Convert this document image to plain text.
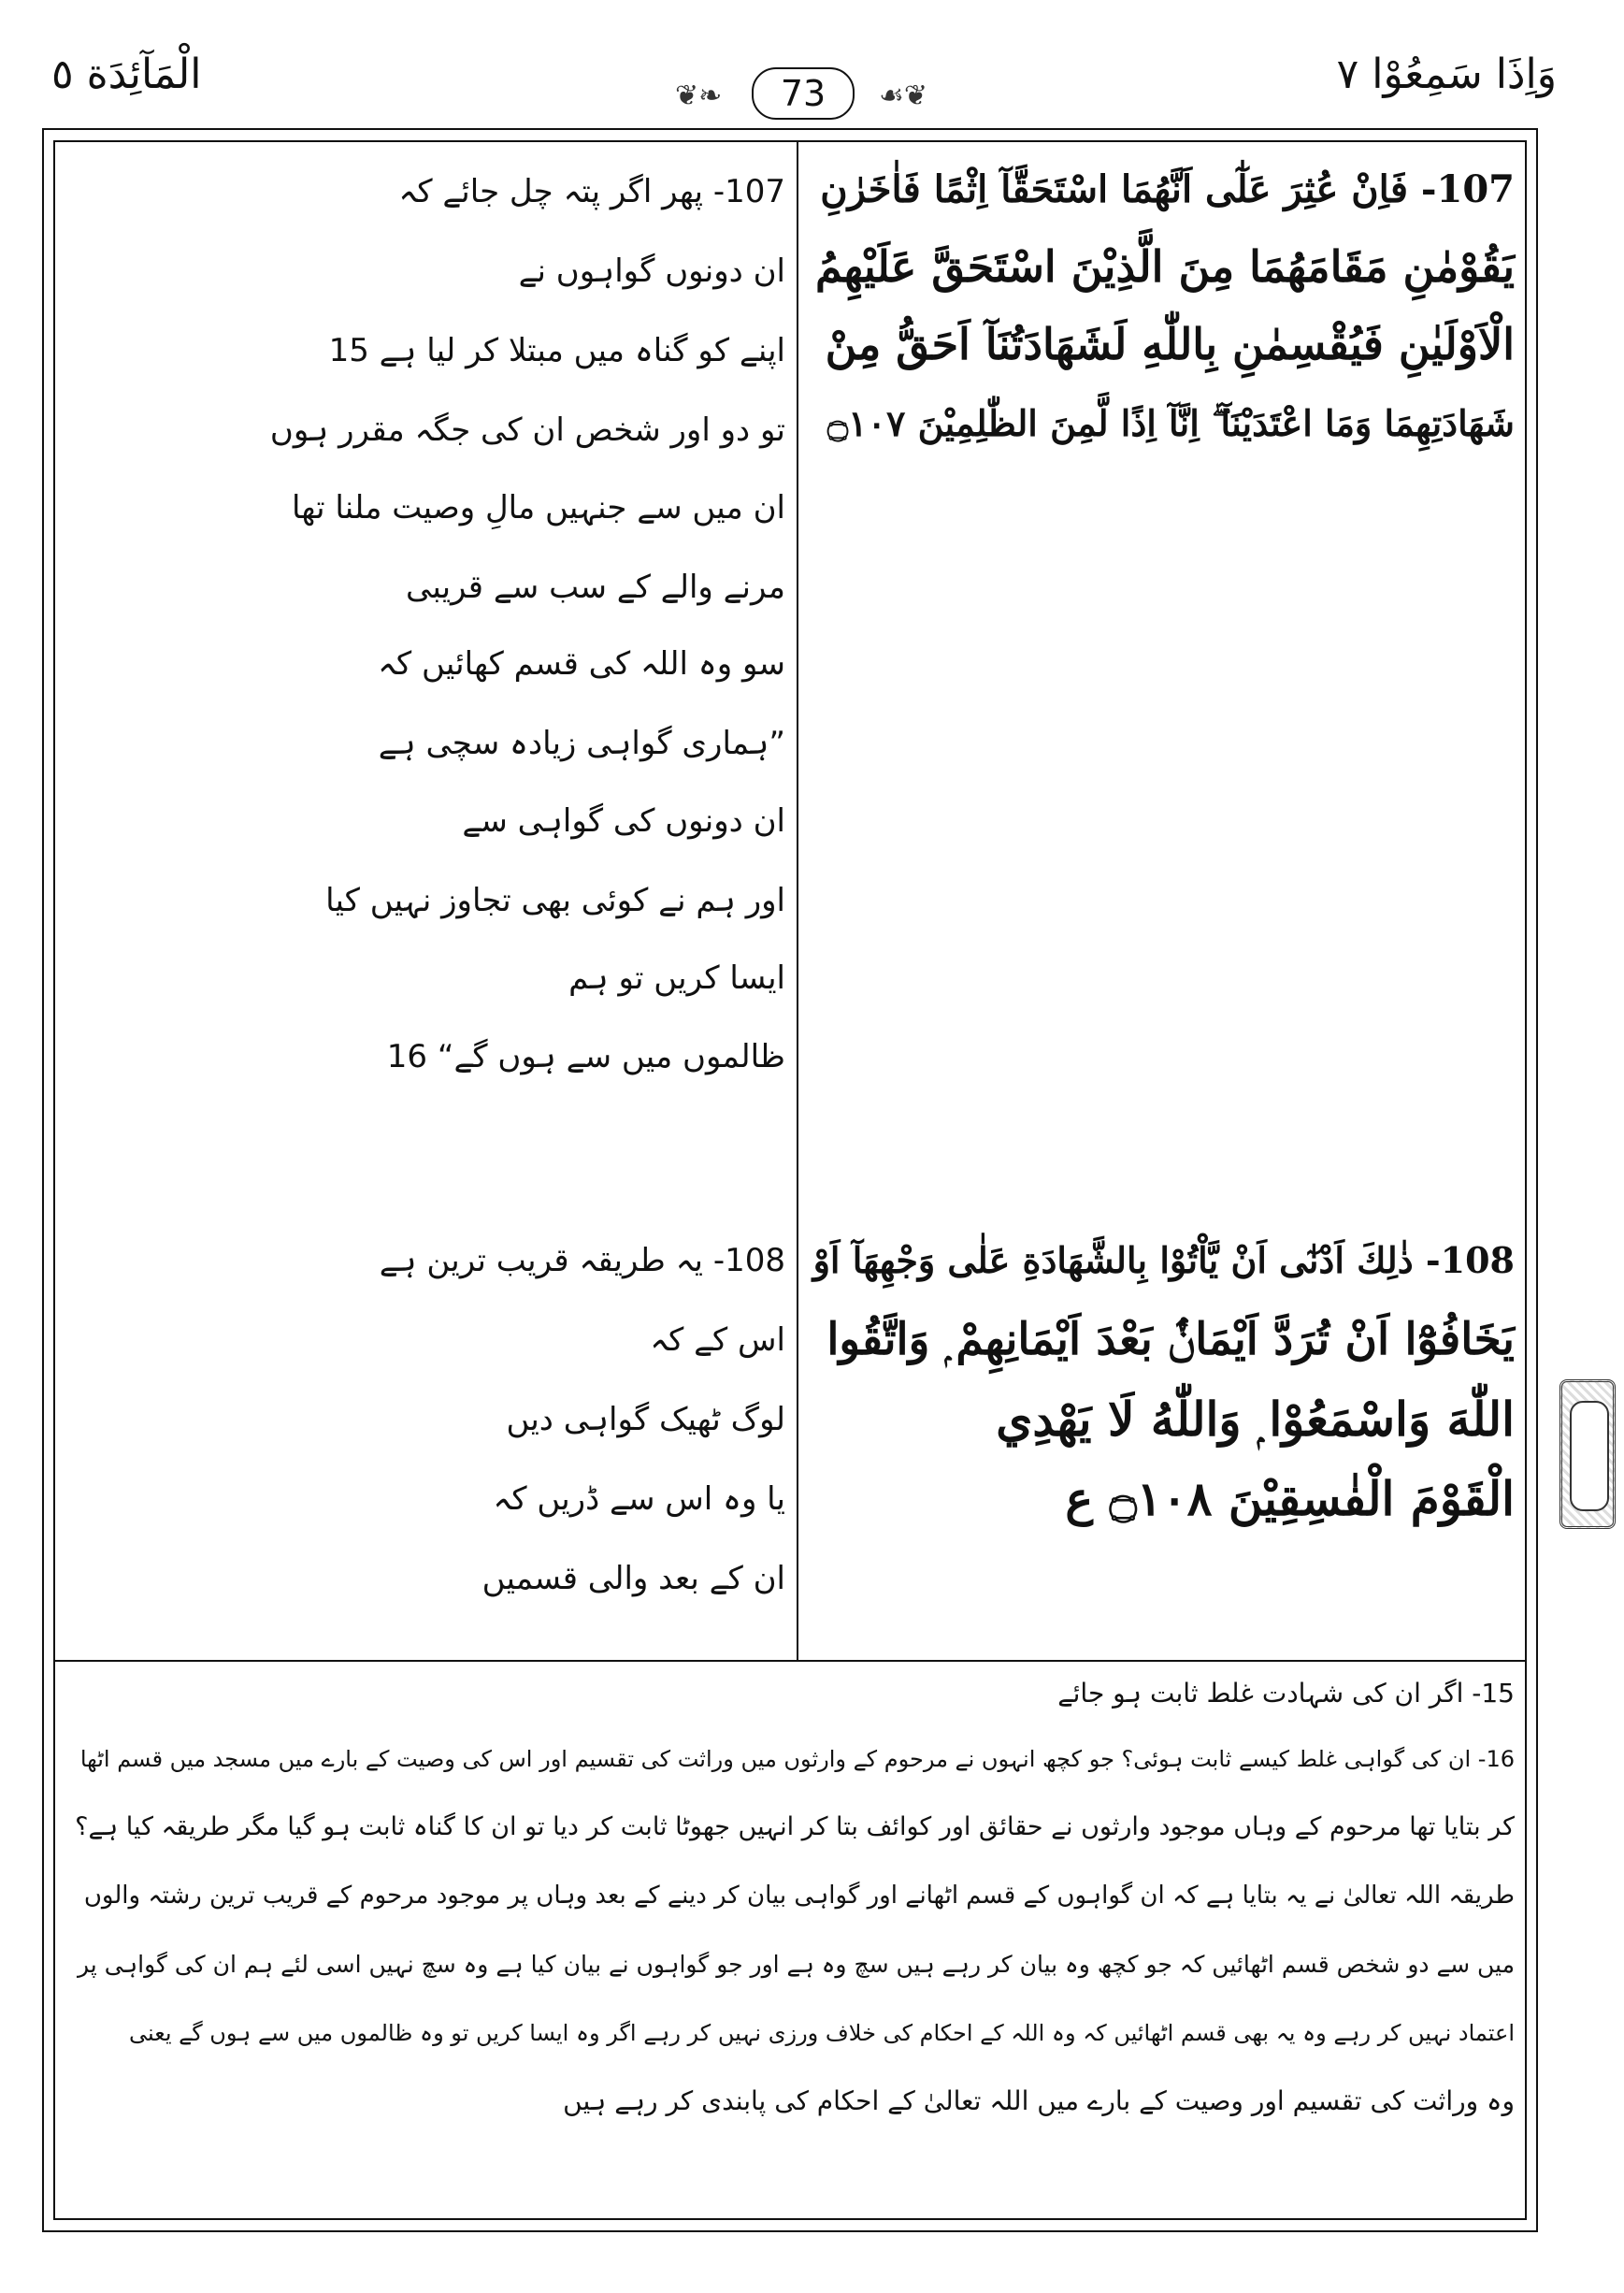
وَاِذَا سَمِعُوْا ٧
الْمَآئِدَة ٥	❦❧	73	☙❦
107- فَاِنْ عُثِرَ عَلٰٓى اَنَّهُمَا اسْتَحَقَّآ اِثْمًا فَاٰخَرٰنِ
يَقُوْمٰنِ مَقَامَهُمَا مِنَ الَّذِيْنَ اسْتَحَقَّ عَلَيْهِمُ
الْاَوْلَيٰنِ فَيُقْسِمٰنِ بِاللّٰهِ لَشَهَادَتُنَآ اَحَقُّ مِنْ
شَهَادَتِهِمَا وَمَا اعْتَدَيْنَآ ۖ اِنَّآ اِذًا لَّمِنَ الظّٰلِمِيْنَ ۝١٠٧
108- ذٰلِكَ اَدْنٰٓى اَنْ يَّاْتُوْا بِالشَّهَادَةِ عَلٰى وَجْهِهَآ اَوْ
يَخَافُوْٓا اَنْ تُرَدَّ اَيْمَانٌۢ بَعْدَ اَيْمَانِهِمْ ۭ وَاتَّقُوا
اللّٰهَ وَاسْمَعُوْا ۭ وَاللّٰهُ لَا يَهْدِي
الْقَوْمَ الْفٰسِقِيْنَ ۝١٠٨ ع
107- پھر اگر پتہ چل جائے کہ
ان دونوں گواہوں نے
اپنے کو گناہ میں مبتلا کر لیا ہے 15
تو دو اور شخص ان کی جگہ مقرر ہوں
ان میں سے جنہیں مالِ وصیت ملنا تھا
مرنے والے کے سب سے قریبی
سو وہ اللہ کی قسم کھائیں کہ
”ہماری گواہی زیادہ سچی ہے
ان دونوں کی گواہی سے
اور ہم نے کوئی بھی تجاوز نہیں کیا
ایسا کریں تو ہم
ظالموں میں سے ہوں گے“ 16
108- یہ طریقہ قریب ترین ہے
اس کے کہ
لوگ ٹھیک گواہی دیں
یا وہ اس سے ڈریں کہ
ان کے بعد والی قسمیں
15- اگر ان کی شہادت غلط ثابت ہو جائے
16- ان کی گواہی غلط کیسے ثابت ہوئی؟ جو کچھ انہوں نے مرحوم کے وارثوں میں وراثت کی تقسیم اور اس کی وصیت کے بارے میں مسجد میں قسم اٹھا
کر بتایا تھا مرحوم کے وہاں موجود وارثوں نے حقائق اور کوائف بتا کر انہیں جھوٹا ثابت کر دیا تو ان کا گناہ ثابت ہو گیا مگر طریقہ کیا ہے؟
طریقہ اللہ تعالیٰ نے یہ بتایا ہے کہ ان گواہوں کے قسم اٹھانے اور گواہی بیان کر دینے کے بعد وہاں پر موجود مرحوم کے قریب ترین رشتہ والوں
میں سے دو شخص قسم اٹھائیں کہ جو کچھ وہ بیان کر رہے ہیں سچ وہ ہے اور جو گواہوں نے بیان کیا ہے وہ سچ نہیں اسی لئے ہم ان کی گواہی پر
اعتماد نہیں کر رہے وہ یہ بھی قسم اٹھائیں کہ وہ اللہ کے احکام کی خلاف ورزی نہیں کر رہے اگر وہ ایسا کریں تو وہ ظالموں میں سے ہوں گے یعنی
وہ وراثت کی تقسیم اور وصیت کے بارے میں اللہ تعالیٰ کے احکام کی پابندی کر رہے ہیں
